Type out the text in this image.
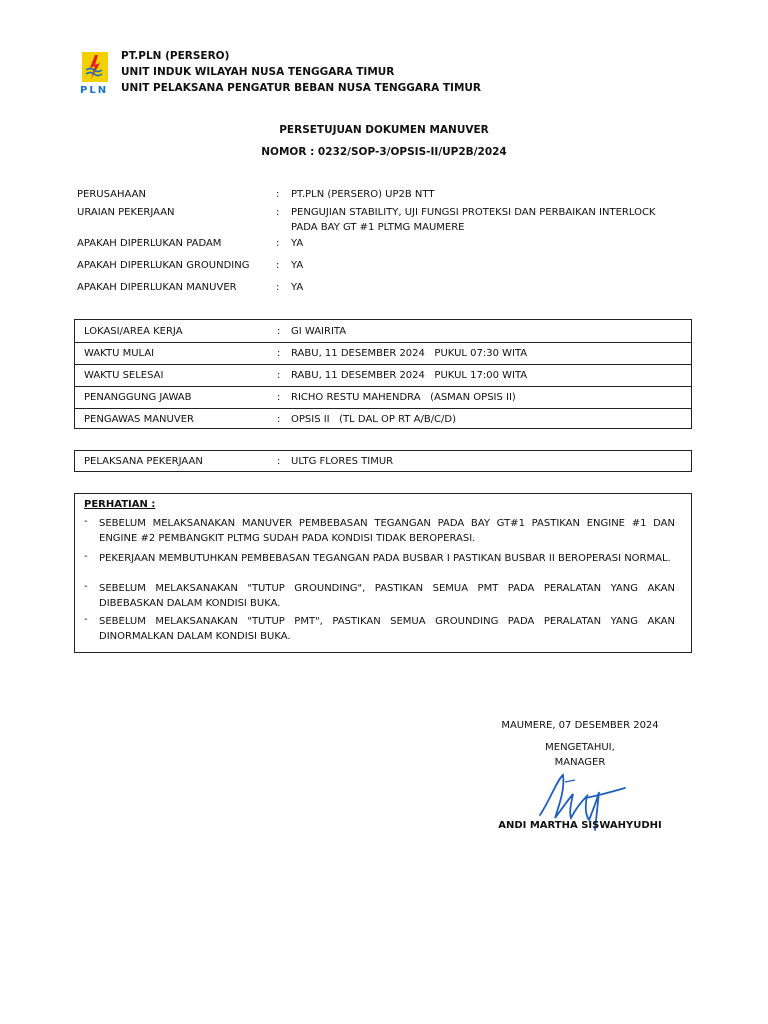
PLN
PT.PLN (PERSERO)
UNIT INDUK WILAYAH NUSA TENGGARA TIMUR
UNIT PELAKSANA PENGATUR BEBAN NUSA TENGGARA TIMUR
PERSETUJUAN DOKUMEN MANUVER
NOMOR : 0232/SOP-3/OPSIS-II/UP2B/2024
PERUSAHAAN	: PT.PLN (PERSERO) UP2B NTT
URAIAN PEKERJAAN	: PENGUJIAN STABILITY, UJI FUNGSI PROTEKSI DAN PERBAIKAN INTERLOCK
PADA BAY GT #1 PLTMG MAUMERE
APAKAH DIPERLUKAN PADAM	: YA
APAKAH DIPERLUKAN GROUNDING	: YA
APAKAH DIPERLUKAN MANUVER	: YA
LOKASI/AREA KERJA	: GI WAIRITA
WAKTU MULAI	: RABU, 11 DESEMBER 2024   PUKUL 07:30 WITA
WAKTU SELESAI	: RABU, 11 DESEMBER 2024   PUKUL 17:00 WITA
PENANGGUNG JAWAB	: RICHO RESTU MAHENDRA   (ASMAN OPSIS II)
PENGAWAS MANUVER	: OPSIS II   (TL DAL OP RT A/B/C/D)
PELAKSANA PEKERJAAN	: ULTG FLORES TIMUR
PERHATIAN :
- SEBELUM MELAKSANAKAN MANUVER PEMBEBASAN TEGANGAN PADA BAY GT#1 PASTIKAN ENGINE #1 DAN ENGINE #2 PEMBANGKIT PLTMG SUDAH PADA KONDISI TIDAK BEROPERASI.
- PEKERJAAN MEMBUTUHKAN PEMBEBASAN TEGANGAN PADA BUSBAR I PASTIKAN BUSBAR II BEROPERASI NORMAL.
- SEBELUM MELAKSANAKAN "TUTUP GROUNDING", PASTIKAN SEMUA PMT PADA PERALATAN YANG AKAN DIBEBASKAN DALAM KONDISI BUKA.
- SEBELUM MELAKSANAKAN "TUTUP PMT", PASTIKAN SEMUA GROUNDING PADA PERALATAN YANG AKAN DINORMALKAN DALAM KONDISI BUKA.
MAUMERE, 07 DESEMBER 2024
MENGETAHUI,
MANAGER
ANDI MARTHA SISWAHYUDHI
